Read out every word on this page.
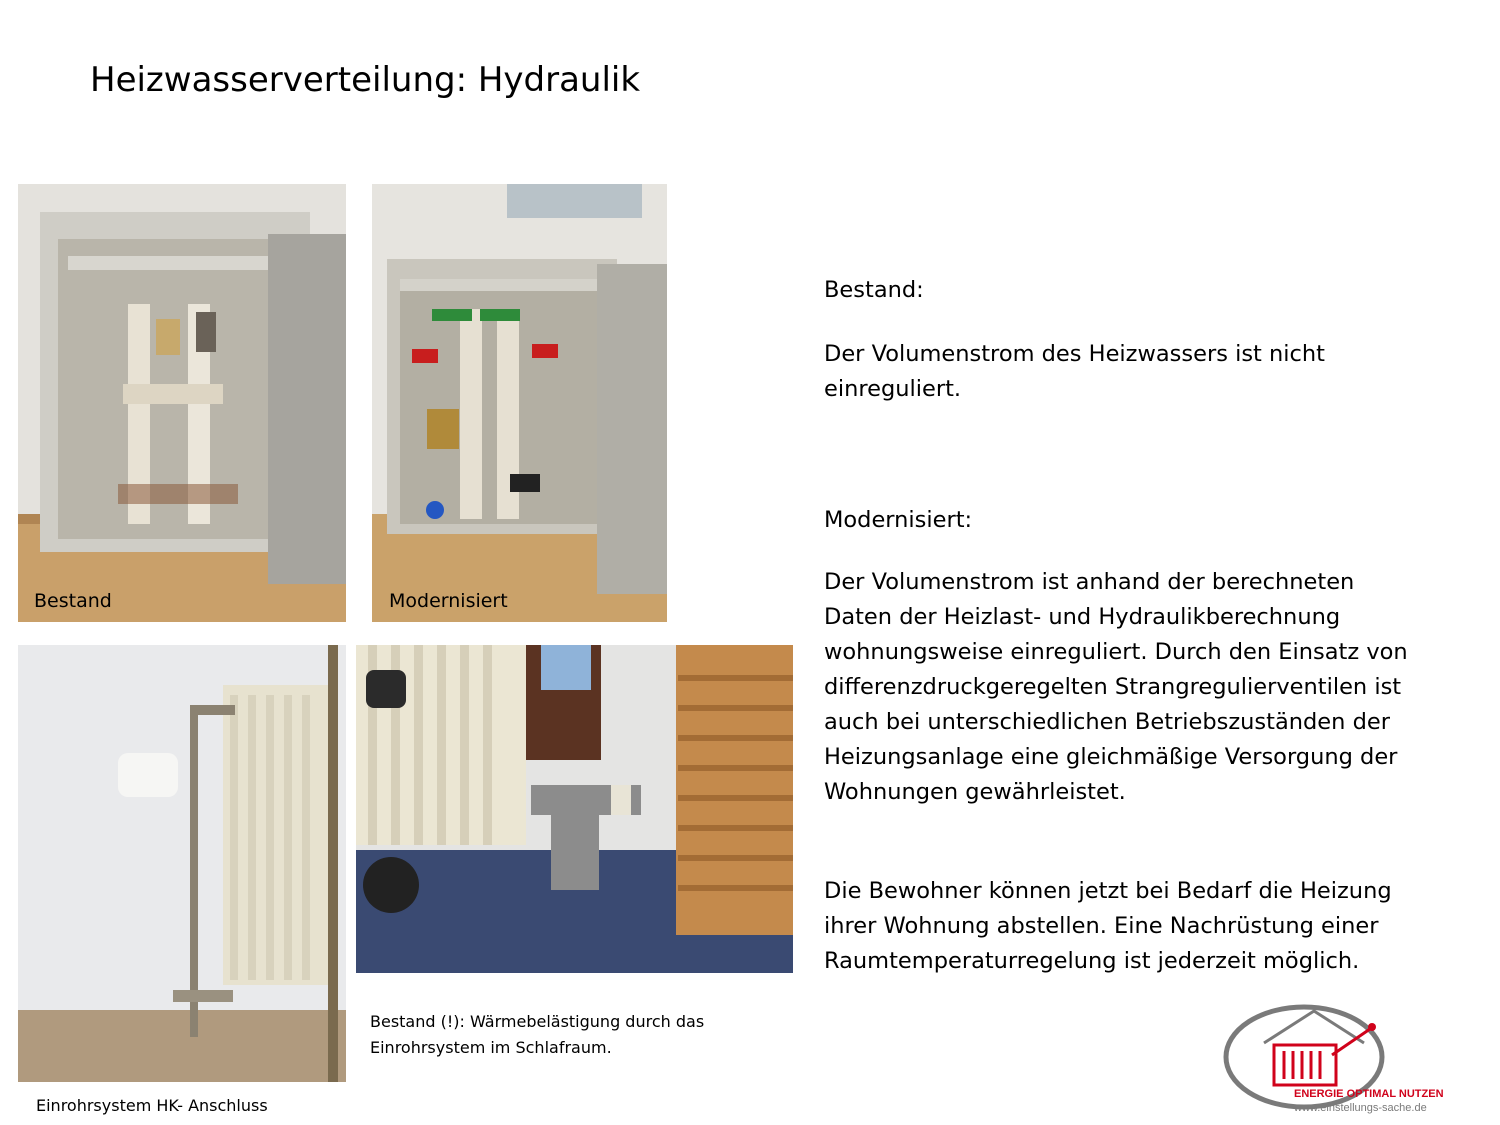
Heizwasserverteilung: Hydraulik
Bestand	Modernisiert
Einrohrsystem HK- Anschluss
Bestand (!): Wärmebelästigung durch das Einrohrsystem im Schlafraum.

Bestand:

Der Volumenstrom des Heizwassers ist nicht einreguliert.

Modernisiert:

Der Volumenstrom ist anhand der berechneten Daten der Heizlast- und Hydraulikberechnung wohnungsweise einreguliert. Durch den Einsatz von differenzdruckgeregelten Strangregulierventilen ist auch bei unterschiedlichen Betriebszuständen der Heizungsanlage eine gleichmäßige Versorgung der Wohnungen gewährleistet.

Die Bewohner können jetzt bei Bedarf die Heizung ihrer Wohnung abstellen. Eine Nachrüstung einer Raumtemperaturregelung ist jederzeit möglich.

ENERGIE OPTIMAL NUTZEN
www.einstellungs-sache.de
